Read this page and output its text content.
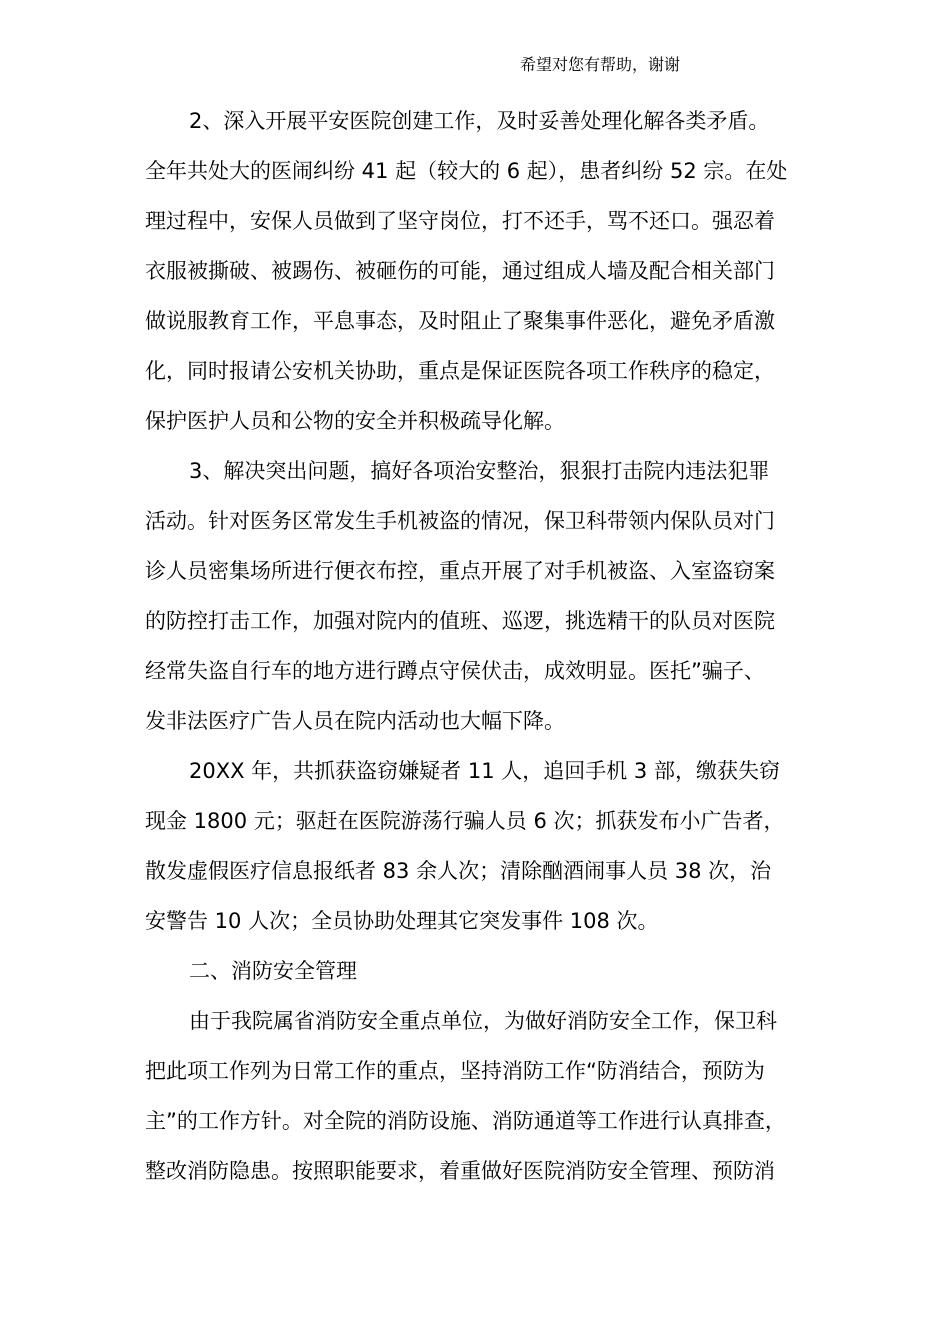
希望对您有帮助，谢谢
2、深入开展平安医院创建工作，及时妥善处理化解各类矛盾。
全年共处大的医闹纠纷 41 起（较大的 6 起），患者纠纷 52 宗。在处
理过程中，安保人员做到了坚守岗位，打不还手，骂不还口。强忍着
衣服被撕破、被踢伤、被砸伤的可能，通过组成人墙及配合相关部门
做说服教育工作，平息事态，及时阻止了聚集事件恶化，避免矛盾激
化，同时报请公安机关协助，重点是保证医院各项工作秩序的稳定，
保护医护人员和公物的安全并积极疏导化解。
3、解决突出问题，搞好各项治安整治，狠狠打击院内违法犯罪
活动。针对医务区常发生手机被盗的情况，保卫科带领内保队员对门
诊人员密集场所进行便衣布控，重点开展了对手机被盗、入室盗窃案
的防控打击工作，加强对院内的值班、巡逻，挑选精干的队员对医院
经常失盗自行车的地方进行蹲点守侯伏击，成效明显。医托”骗子、
发非法医疗广告人员在院内活动也大幅下降。
20XX 年，共抓获盗窃嫌疑者 11 人，追回手机 3 部，缴获失窃
现金 1800 元；驱赶在医院游荡行骗人员 6 次；抓获发布小广告者，
散发虚假医疗信息报纸者 83 余人次；清除酗酒闹事人员 38 次，治
安警告 10 人次；全员协助处理其它突发事件 108 次。
二、消防安全管理
由于我院属省消防安全重点单位，为做好消防安全工作，保卫科
把此项工作列为日常工作的重点，坚持消防工作“防消结合，预防为
主”的工作方针。对全院的消防设施、消防通道等工作进行认真排查，
整改消防隐患。按照职能要求，着重做好医院消防安全管理、预防消
